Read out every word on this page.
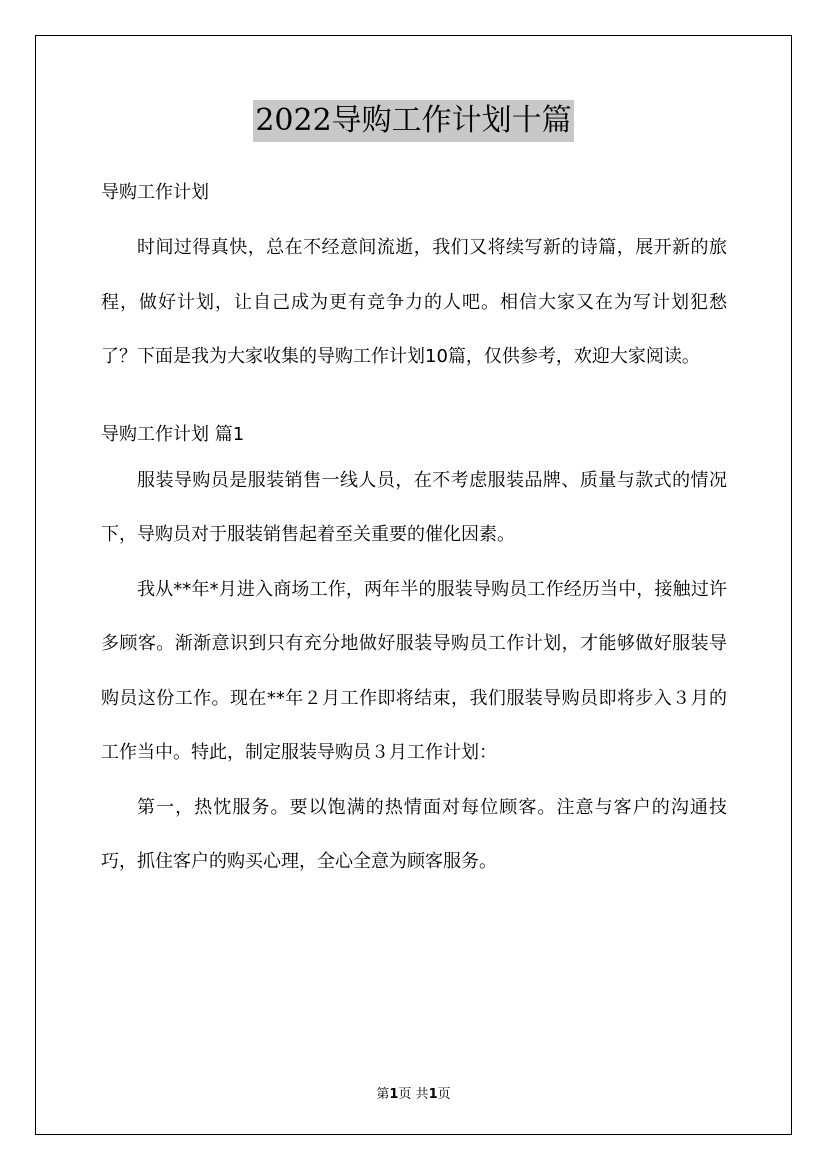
2022导购工作计划十篇

导购工作计划

时间过得真快，总在不经意间流逝，我们又将续写新的诗篇，展开新的旅程，做好计划，让自己成为更有竞争力的人吧。相信大家又在为写计划犯愁了？下面是我为大家收集的导购工作计划10篇，仅供参考，欢迎大家阅读。

导购工作计划 篇1

服装导购员是服装销售一线人员，在不考虑服装品牌、质量与款式的情况下，导购员对于服装销售起着至关重要的催化因素。

我从**年*月进入商场工作，两年半的服装导购员工作经历当中，接触过许多顾客。渐渐意识到只有充分地做好服装导购员工作计划，才能够做好服装导购员这份工作。现在**年２月工作即将结束，我们服装导购员即将步入３月的工作当中。特此，制定服装导购员３月工作计划：

第一，热忱服务。要以饱满的热情面对每位顾客。注意与客户的沟通技巧，抓住客户的购买心理，全心全意为顾客服务。

第1页 共1页
